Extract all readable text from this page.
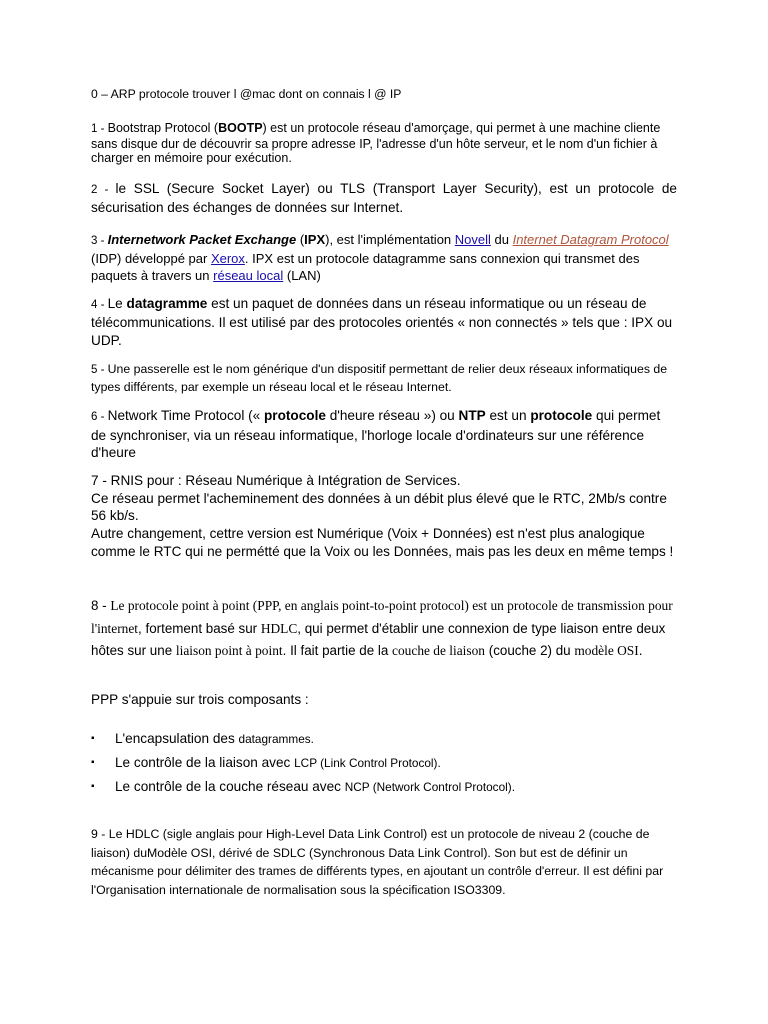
0 – ARP protocole trouver l @mac dont on connais l @ IP
1 - Bootstrap Protocol (BOOTP) est un protocole réseau d'amorçage, qui permet à une machine cliente sans disque dur de découvrir sa propre adresse IP, l'adresse d'un hôte serveur, et le nom d'un fichier à charger en mémoire pour exécution.
2 - le SSL (Secure Socket Layer) ou TLS (Transport Layer Security), est un protocole de sécurisation des échanges de données sur Internet.
3 - Internetwork Packet Exchange (IPX), est l'implémentation Novell du Internet Datagram Protocol (IDP) développé par Xerox. IPX est un protocole datagramme sans connexion qui transmet des paquets à travers un réseau local (LAN)
4 - Le datagramme est un paquet de données dans un réseau informatique ou un réseau de télécommunications. Il est utilisé par des protocoles orientés « non connectés » tels que : IPX ou UDP.
5 - Une passerelle est le nom générique d'un dispositif permettant de relier deux réseaux informatiques de types différents, par exemple un réseau local et le réseau Internet.
6 - Network Time Protocol (« protocole d'heure réseau ») ou NTP est un protocole qui permet de synchroniser, via un réseau informatique, l'horloge locale d'ordinateurs sur une référence d'heure
7 - RNIS pour : Réseau Numérique à Intégration de Services.
Ce réseau permet l'acheminement des données à un débit plus élevé que le RTC, 2Mb/s contre 56 kb/s.
Autre changement, cettre version est Numérique (Voix + Données) est n'est plus analogique comme le RTC qui ne permétté que la Voix ou les Données, mais pas les deux en même temps !
8 - Le protocole point à point (PPP, en anglais point-to-point protocol) est un protocole de transmission pour l'internet, fortement basé sur HDLC, qui permet d'établir une connexion de type liaison entre deux hôtes sur une liaison point à point. Il fait partie de la couche de liaison (couche 2) du modèle OSI.
PPP s'appuie sur trois composants :
▪ L'encapsulation des datagrammes.
▪ Le contrôle de la liaison avec LCP (Link Control Protocol).
▪ Le contrôle de la couche réseau avec NCP (Network Control Protocol).
9 - Le HDLC (sigle anglais pour High-Level Data Link Control) est un protocole de niveau 2 (couche de liaison) duModèle OSI, dérivé de SDLC (Synchronous Data Link Control). Son but est de définir un mécanisme pour délimiter des trames de différents types, en ajoutant un contrôle d'erreur. Il est défini par l'Organisation internationale de normalisation sous la spécification ISO3309.
